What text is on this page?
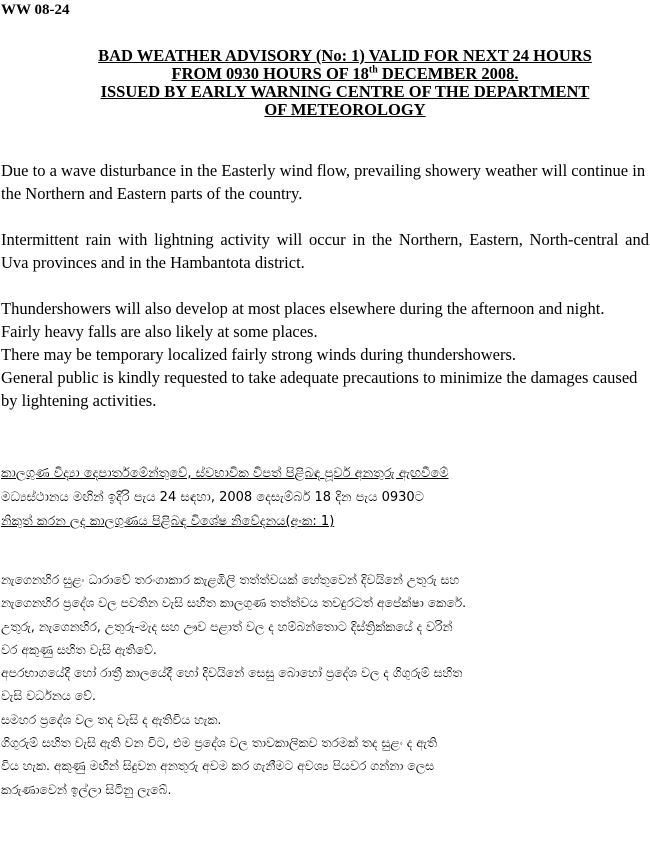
WW 08-24
BAD WEATHER ADVISORY (No: 1) VALID FOR NEXT 24 HOURS
FROM 0930 HOURS OF 18th DECEMBER 2008.
ISSUED BY EARLY WARNING CENTRE OF THE DEPARTMENT
OF METEOROLOGY
Due to a wave disturbance in the Easterly wind flow, prevailing showery weather will continue in the Northern and Eastern parts of the country.
Intermittent rain with lightning activity will occur in the Northern, Eastern, North-central and Uva provinces and in the Hambantota district.
Thundershowers will also develop at most places elsewhere during the afternoon and night.
Fairly heavy falls are also likely at some places.
There may be temporary localized fairly strong winds during thundershowers.
General public is kindly requested to take adequate precautions to minimize the damages caused by lightening activities.
කාලගුණ විද්‍යා දෙපාර්තමේන්තුවේ, ස්වභාවික විපත් පිළිබඳ පූර්ව අනතුරු ඇඟවීමේ
මධ්‍යස්ථානය මඟින් ඉදිරි පැය 24 සඳහා, 2008 දෙසැම්බර් 18 දින පැය 0930ට
නිකුත් කරන ලද කාලගුණය පිළිබඳ විශේෂ නිවේදනය(අංක: 1)
නැගෙනහිර සුළං ධාරාවේ තරංගාකාර කැළඹිලි තත්ත්වයක් හේතුවෙන් දිවයිනේ උතුරු සහ
නැගෙනහිර ප්‍රදේශ වල පවතින වැසි සහිත කාලගුණ තත්ත්වය තවදුරටත් අපේක්ෂා කෙරේ.
උතුරු, නැගෙනහිර, උතුරු-මැද සහ ඌව පළාත් වල ද හම්බන්තොට දිස්ත්‍රික්කයේ ද වරින්
වර අකුණු සහිත වැසි ඇතිවේ.
අපරභාගයේදී හෝ රාත්‍රී කාලයේදී හෝ දිවයිනේ සෙසු බොහෝ ප්‍රදේශ වල ද ගිගුරුම් සහිත
වැසි වර්ධනය වේ.
සමහර ප්‍රදේශ වල තද වැසි ද ඇතිවිය හැක.
ගිගුරුම් සහිත වැසි ඇති වන විට, එම ප්‍රදේශ වල තාවකාලිකව තරමක් තද සුළං ද ඇති
විය හැක. අකුණු මඟින් සිදුවන අනතුරු අවම කර ගැනීමට අවශ්‍ය පියවර ගන්නා ලෙස
කරුණාවෙන් ඉල්ලා සිටිනු ලැබේ.
